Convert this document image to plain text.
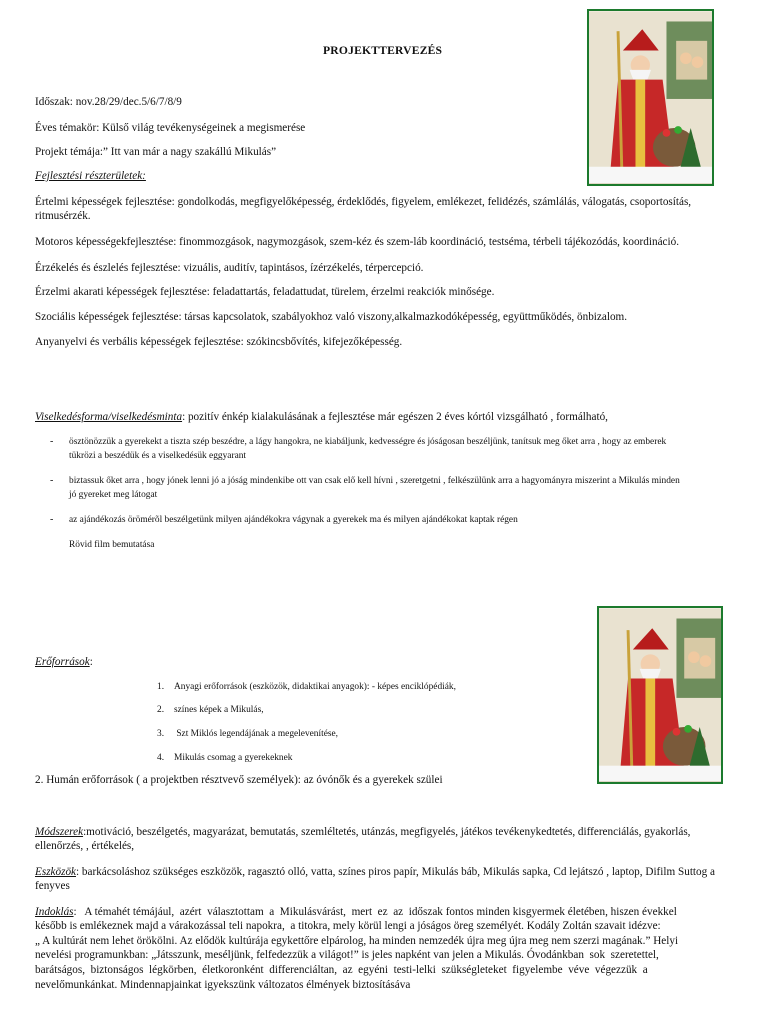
PROJEKTTERVEZÉS
Időszak: nov.28/29/dec.5/6/7/8/9
Éves témakör: Külső világ tevékenységeinek a megismerése
Projekt témája:” Itt van már a nagy szakállú Mikulás”
Fejlesztési részterületek:
Értelmi képességek fejlesztése: gondolkodás, megfigyelőképesség, érdeklődés, figyelem, emlékezet, felidézés, számlálás, válogatás, csoportosítás,
ritmusérzék.
Motoros képességekfejlesztése: finommozgások, nagymozgások, szem-kéz és szem-láb koordináció, testséma, térbeli tájékozódás, koordináció.
Érzékelés és észlelés fejlesztése: vizuális, auditív, tapintásos, ízérzékelés, térpercepció.
Érzelmi akarati képességek fejlesztése: feladattartás, feladattudat, türelem, érzelmi reakciók minősége.
Szociális képességek fejlesztése: társas kapcsolatok, szabályokhoz való viszony,alkalmazkodóképesség, együttműködés, önbizalom.
Anyanyelvi és verbális képességek fejlesztése: szókincsbővítés, kifejezőképesség.
Viselkedésforma/viselkedésminta: pozitív énkép kialakulásának a fejlesztése már egészen 2 éves kórtól vizsgálható , formálható,
- ösztönözzük a gyerekekt a tiszta szép beszédre, a lágy hangokra, ne kiabáljunk, kedvességre és jóságosan beszéljünk, tanítsuk meg őket arra , hogy az emberek
tükrözi a beszédük és a viselkedésük eggyarant
- biztassuk őket arra , hogy jónek lenni jó a jóság mindenkibe ott van csak elő kell hívni , szeretgetni , felkészülünk arra a hagyományra miszerint a Mikulás minden
jó gyereket meg látogat
- az ajándékozás örömérõl beszélgetünk milyen ajándékokra vágynak a gyerekek ma és milyen ajándékokat kaptak régen
Rövid film bemutatása
Erőforrások:
1. Anyagi erőforrások (eszközök, didaktikai anyagok): - képes enciklópédiák,
2. színes képek a Mikulás,
3. Szt Miklós legendájának a megelevenítése,
4. Mikulás csomag a gyerekeknek
2. Humán erőforrások ( a projektben résztvevő személyek): az óvónők és a gyerekek szülei
Módszerek:motiváció, beszélgetés, magyarázat, bemutatás, szemléltetés, utánzás, megfigyelés, játékos tevékenykedtetés, differenciálás, gyakorlás,
ellenőrzés, , értékelés,
Eszközök: barkácsoláshoz szükséges eszközök, ragasztó olló, vatta, színes piros papír, Mikulás báb, Mikulás sapka, Cd lejátszó , laptop, Difilm Suttog a
fenyves
Indoklás:   A témahét témájául,  azért  választottam  a  Mikulásvárást,  mert  ez  az  időszak fontos minden kisgyermek életében, hiszen évekkel
később is emlékeznek majd a várakozással teli napokra,  a titokra, mely körül lengi a jóságos öreg személyét. Kodály Zoltán szavait idézve:
„ A kultúrát nem lehet örökölni. Az elődök kultúrája egykettőre elpárolog, ha minden nemzedék újra meg újra meg nem szerzi magának.” Helyi
nevelési programunkban: „Játsszunk, meséljünk, felfedezzük a világot!” is jeles napként van jelen a Mikulás. Óvodánkban  sok  szeretettel,
barátságos,  biztonságos  légkörben,  életkoronként  differenciáltan,  az  egyéni  testi-lelki  szükségleteket  figyelembe  véve  végezzük  a
nevelőmunkánkat. Mindennapjainkat igyekszünk változatos élmények biztosításáva
